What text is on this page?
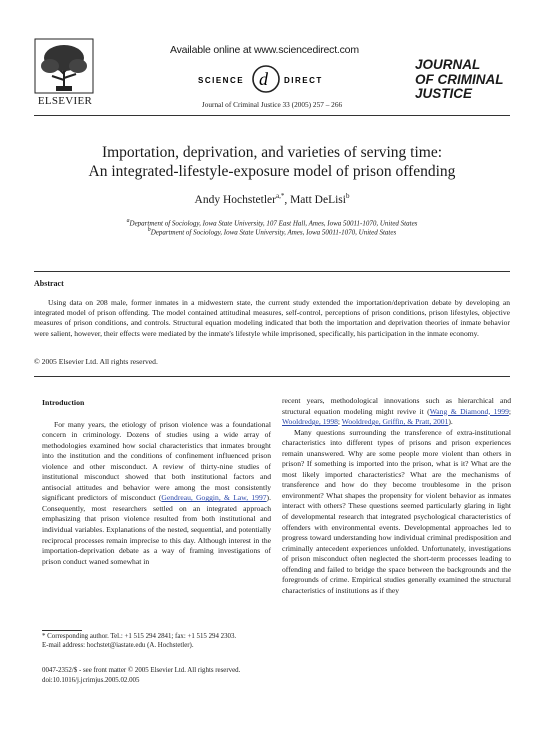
ELSEVIER
Available online at www.sciencedirect.com
SCIENCE d DIRECT
Journal of Criminal Justice 33 (2005) 257 – 266
JOURNAL
OF CRIMINAL
JUSTICE
Importation, deprivation, and varieties of serving time:
An integrated-lifestyle-exposure model of prison offending
Andy Hochstetler$^{a,*}$, Matt DeLisi$^b$
$^a$Department of Sociology, Iowa State University, 107 East Hall, Ames, Iowa 50011-1070, United States
$^b$Department of Sociology, Iowa State University, Ames, Iowa 50011-1070, United States
Abstract
Using data on 208 male, former inmates in a midwestern state, the current study extended the importation/deprivation debate by developing an integrated model of prison offending. The model contained attitudinal measures, self-control, perceptions of prison conditions, prison lifestyles, objective measures of prison conditions, and controls. Structural equation modeling indicated that both the importation and deprivation theories of inmate behavior were salient, however, their effects were mediated by the inmate's lifestyle while imprisoned, specifically, his participation in the inmate economy.
© 2005 Elsevier Ltd. All rights reserved.

Introduction

For many years, the etiology of prison violence was a foundational concern in criminology. Dozens of studies using a wide array of methodologies examined how social characteristics that inmates brought into the institution and the conditions of confinement influenced prison violence and other misconduct. A review of thirty-nine studies of institutional misconduct showed that both institutional factors and antisocial attitudes and behavior were among the most consistently significant predictors of misconduct (Gendreau, Goggin, & Law, 1997). Consequently, most researchers settled on an integrated approach emphasizing that prison violence resulted from both institutional and individual variables. Explanations of the nested, sequential, and potentially reciprocal processes remain imprecise to this day. Although interest in the importation-deprivation debate as a way of framing investigations of prison conduct waned somewhat in

recent years, methodological innovations such as hierarchical and structural equation modeling might revive it (Wang & Diamond, 1999; Wooldredge, 1998; Wooldredge, Griffin, & Pratt, 2001).

Many questions surrounding the transference of extra-institutional characteristics into different types of prisons and prison experiences remain unanswered. Why are some people more violent than others in prison? If something is imported into the prison, what is it? What are the most likely imported characteristics? What are the mechanisms of transference and how do they become troublesome in the prison environment? What shapes the propensity for violent behavior as inmates interact with others? These questions seemed particularly glaring in light of developmental research that integrated psychological characteristics of offenders with environmental events. Developmental approaches led to progress toward understanding how individual criminal predisposition and criminally antecedent experiences unfolded. Unfortunately, investigations of prison misconduct often neglected the short-term processes leading to offending and failed to bridge the space between the backgrounds and the foregrounds of crime. Empirical studies generally examined the structural characteristics of institutions as if they

* Corresponding author. Tel.: +1 515 294 2841; fax: +1 515 294 2303.

E-mail address: hochstet@iastate.edu (A. Hochstetler).

0047-2352/$ - see front matter © 2005 Elsevier Ltd. All rights reserved.
doi:10.1016/j.jcrimjus.2005.02.005
